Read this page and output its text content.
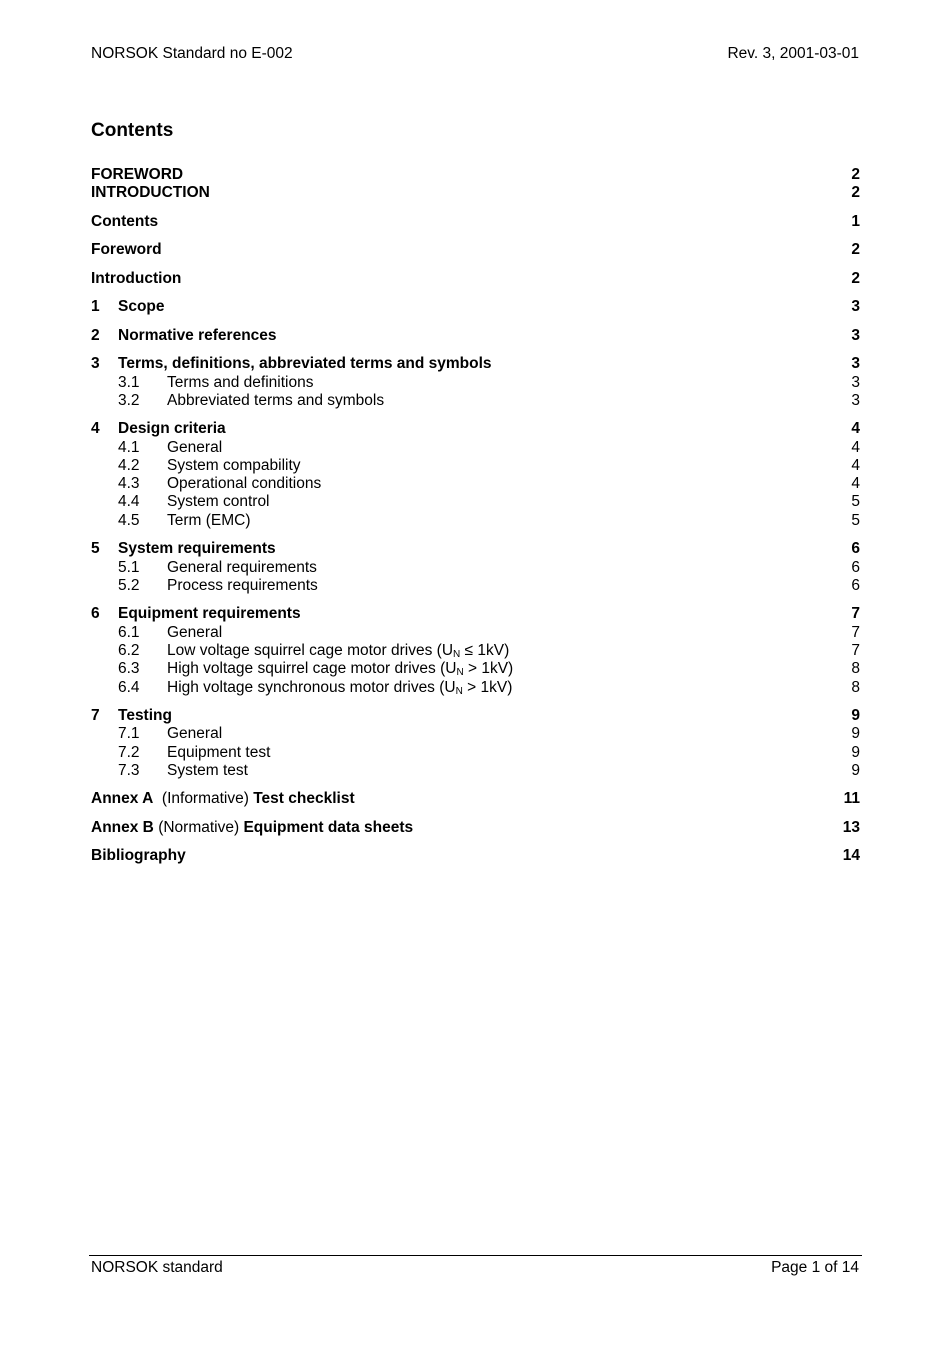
NORSOK Standard no E-002	Rev. 3, 2001-03-01
Contents
FOREWORD	2
INTRODUCTION	2
Contents	1
Foreword	2
Introduction	2
1 Scope	3
2 Normative references	3
3 Terms, definitions, abbreviated terms and symbols	3
3.1 Terms and definitions	3
3.2 Abbreviated terms and symbols	3
4 Design criteria	4
4.1 General	4
4.2 System compability	4
4.3 Operational conditions	4
4.4 System control	5
4.5 Term (EMC)	5
5 System requirements	6
5.1 General requirements	6
5.2 Process requirements	6
6 Equipment requirements	7
6.1 General	7
6.2 Low voltage squirrel cage motor drives $(U_N \le 1kV)$	7
6.3 High voltage squirrel cage motor drives $(U_N > 1kV)$	8
6.4 High voltage synchronous motor drives $(U_N > 1kV)$	8
7 Testing	9
7.1 General	9
7.2 Equipment test	9
7.3 System test	9
Annex A (Informative) Test checklist	11
Annex B (Normative) Equipment data sheets	13
Bibliography	14
NORSOK standard	Page 1 of 14
